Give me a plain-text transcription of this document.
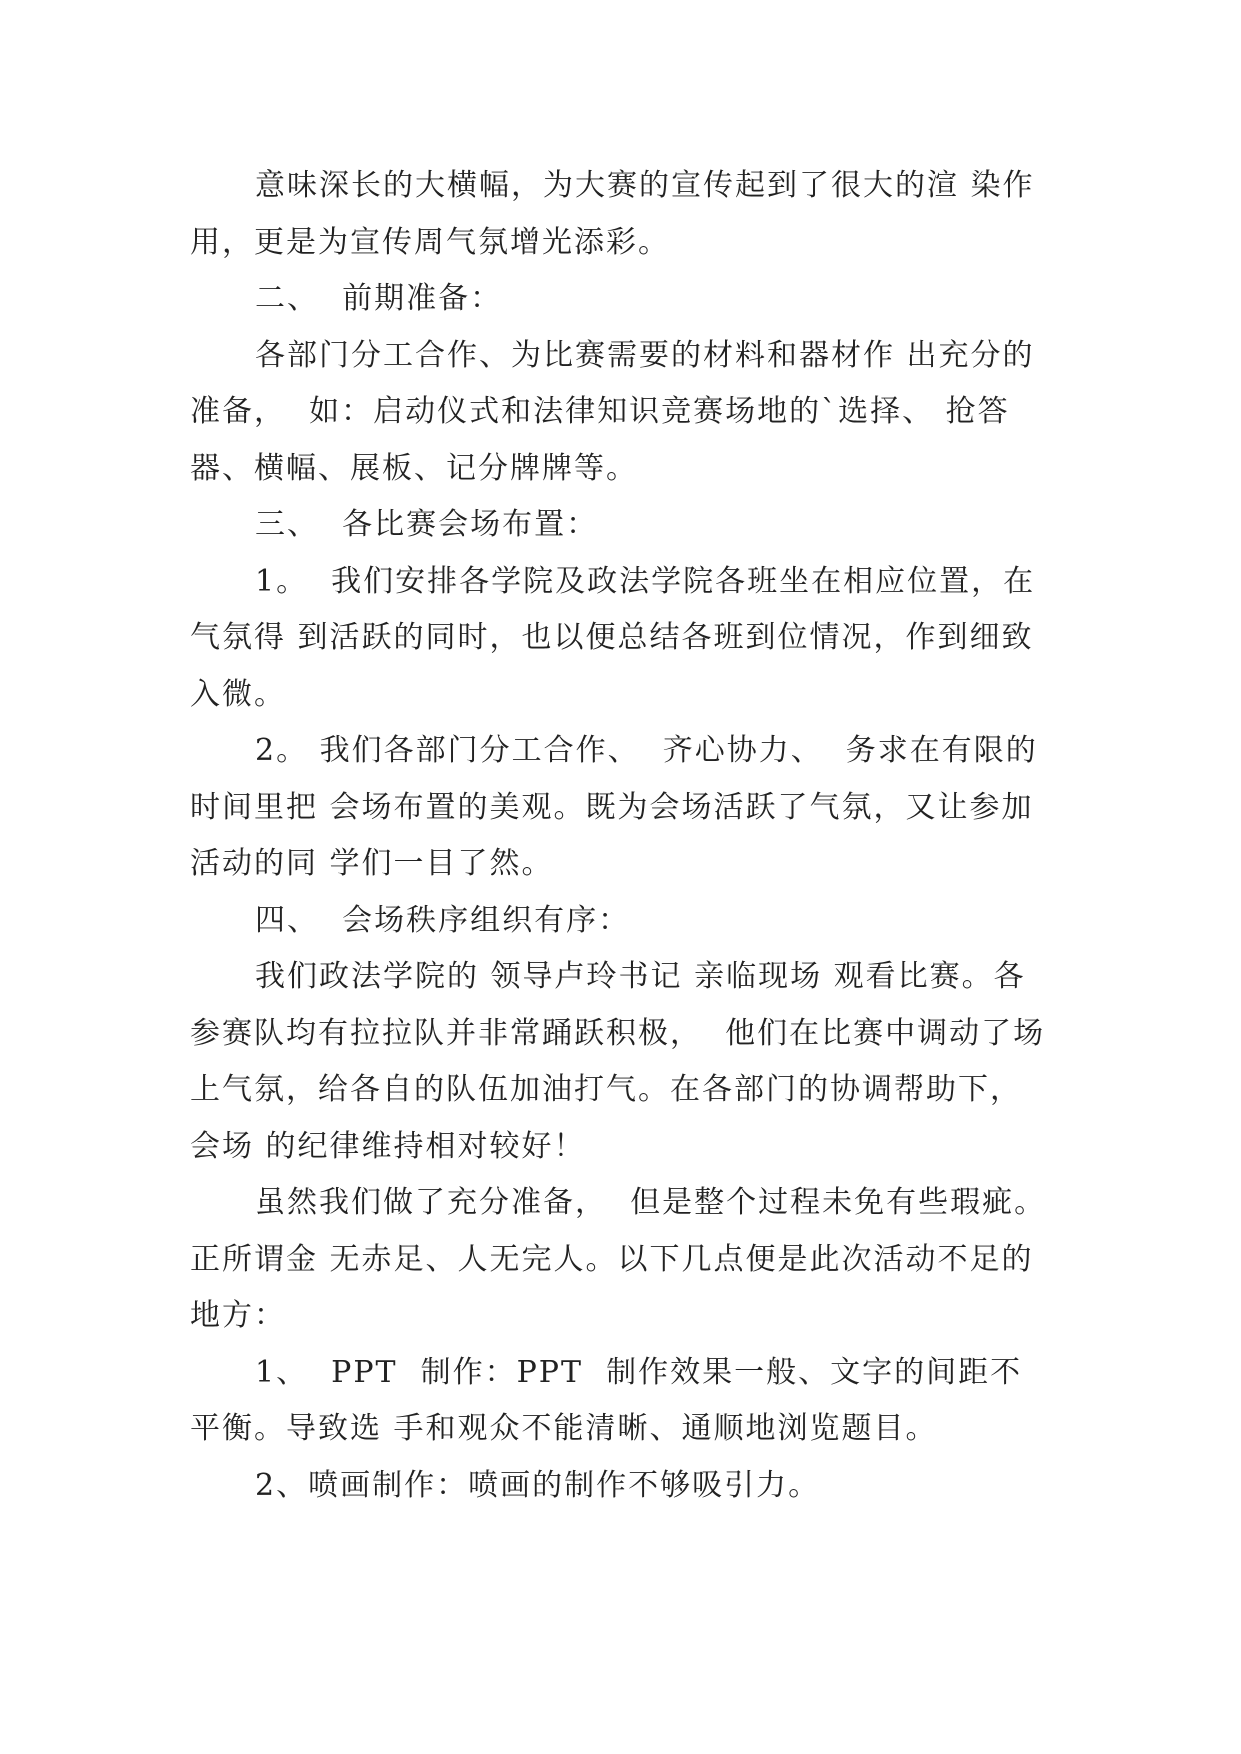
意味深长的大横幅，为大赛的宣传起到了很大的渲 染作用，更是为宣传周气氛增光添彩。

二、  前期准备：

各部门分工合作、为比赛需要的材料和器材作 出充分的准备，  如：启动仪式和法律知识竞赛场地的`选择、 抢答器、横幅、展板、记分牌牌等。

三、  各比赛会场布置：

1。  我们安排各学院及政法学院各班坐在相应位置，在气氛得 到活跃的同时，也以便总结各班到位情况，作到细致入微。

2。 我们各部门分工合作、  齐心协力、  务求在有限的时间里把 会场布置的美观。既为会场活跃了气氛，又让参加活动的同 学们一目了然。

四、  会场秩序组织有序：

我们政法学院的 领导卢玲书记 亲临现场 观看比赛。各参赛队均有拉拉队并非常踊跃积极，  他们在比赛中调动了场上气氛，给各自的队伍加油打气。在各部门的协调帮助下，会场 的纪律维持相对较好！

虽然我们做了充分准备，  但是整个过程未免有些瑕疵。正所谓金 无赤足、人无完人。以下几点便是此次活动不足的地方：

1、  PPT  制作：PPT  制作效果一般、文字的间距不平衡。导致选 手和观众不能清晰、通顺地浏览题目。

2、喷画制作：喷画的制作不够吸引力。
